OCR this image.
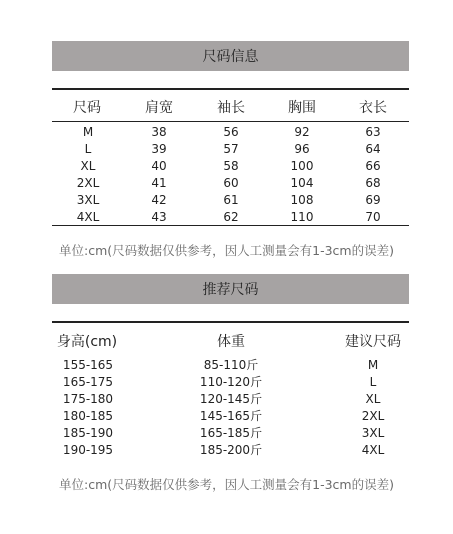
尺码信息
尺码	肩宽	袖长	胸围	衣长
M	38	56	92	63
L	39	57	96	64
XL	40	58	100	66
2XL	41	60	104	68
3XL	42	61	108	69
4XL	43	62	110	70
单位:cm(尺码数据仅供参考，因人工测量会有1-3cm的误差)
推荐尺码
身高(cm)	体重	建议尺码
155-165	85-110斤	M
165-175	110-120斤	L
175-180	120-145斤	XL
180-185	145-165斤	2XL
185-190	165-185斤	3XL
190-195	185-200斤	4XL
单位:cm(尺码数据仅供参考，因人工测量会有1-3cm的误差)
